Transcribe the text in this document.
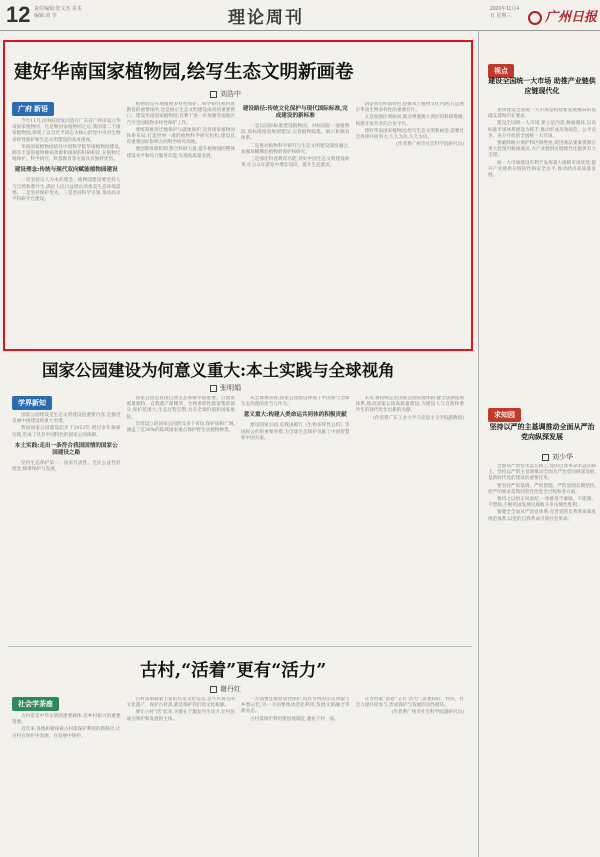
12 责任编辑:张文杰 美术编辑:周 苓	理论周刊	2020年11月4日 星期三	广州日报
建好华南国家植物园,绘写生态文明新画卷
刘浩中
广府 新语

今年11月,国务院批复同意在广东省广州市设立华南国家植物园。这是继国家植物园之后,我国第二个国家植物园,体现了以习近平同志为核心的党中央对生物多样性保护和生态文明建设的高度重视。

华南国家植物园依托中国科学院华南植物园建设,拥有丰富的植物种质资源和深厚的科研积淀,在植物迁地保护、科学研究、科普教育等方面具有独特优势。

建设理念:传统与现代双向赋能植物园建设

一是坚持以人为本的理念。植物园建设要坚持人与自然和谐共生,满足人民日益增长的优美生态环境需要。二是坚持保护优先。三是坚持科学引领,推动高水平科研平台建设。

植物园是开展植物多样性保护、科学研究和科普教育的重要场所,也是展示生态文明建设成果的重要窗口。建设华南国家植物园,有利于进一步加强华南地区乃至全国植物多样性保护工作。

要统筹推进迁地保护与就地保护,完善国家植物园体系布局,打造世界一流的植物科学研究机构,建设具有重要国际影响力的科学研究高地。

要创新体制机制,整合科研力量,提升植物园的整体建设水平和综合服务功能,实现高质量发展。

建设路径:传统文化保护与现代国际标准,完成建设的新标准

一是以国际标准建设植物园。对标国际一流植物园,高标准推进规划建设,完善植物收集、展示和保育体系。

二是推动植物科学研究与生态文明建设深度融合,加强珍稀濒危植物的保护和研究。

三是强化科普教育功能,讲好中国生态文明建设故事,让公众在游览中增长知识、提升生态意识。

四是突出岭南特色,挖掘本土植物文化内涵,打造展示华南生物多样性的重要名片。

五是加强区域协同,联动粤港澳大湾区的科研资源,构建开放共享的合作平台。

建好华南国家植物园,绘写生态文明新画卷,需要社会各界共同努力,久久为功,久久为功。

(作者系广州市社会科学院研究员)

国家公园建设为何意义重大:本土实践与全球视角
张明娟
学界新知

国家公园建设是生态文明建设的重要内容,是推进美丽中国建设的重大举措。

我国国家公园建设起步于2013年,经过多年探索实践,形成了具有中国特色的国家公园体制。

本土实践:走出一条符合我国国情的国家公园建设之路

坚持生态保护第一、国家代表性、全民公益性的理念,统筹保护与发展。

国家公园是我国自然生态系统中最重要、自然景观最独特、自然遗产最精华、生物多样性最富集的部分,保护范围大,生态过程完整,具有全球价值和国家象征。

首批设立的国家公园涉及多个省份,保护面积广阔,涵盖了近30%的陆域国家重点保护野生动植物种类。

从全球视角看,国家公园建设体现了中国参与全球生态治理的担当与作为。

意义重大:构建人类命运共同体的积极贡献

建设国家公园,是我国履行《生物多样性公约》等国际公约的重要举措,为全球生态保护贡献了中国智慧和中国方案。

未来,要持续完善国家公园管理体制,健全法律法规体系,推动国家公园高质量建设,为建设人与自然和谐共生的现代化作出新的贡献。

(作者系广东工业大学马克思主义学院副教授)

古村,“活着”更有“活力”
谢丹红
社会学茶座

古村落是中华文明的重要载体,是乡村振兴的重要资源。

近年来,各地积极探索古村落保护利用的新路径,让古村在保护中发展、在发展中保护。

古村落承载着丰富的历史文化信息,是不可再生的文化遗产。保护古村落,就是保护我们的文化根脉。

要让古村“活”起来,关键在于激发内生动力,让村民成为保护和发展的主体。

一方面要注重原真性保护,留住古村的历史风貌与乡愁记忆;另一方面要推动活化利用,发展文旅融合等新业态。

古村落保护利用要因地制宜,避免千村一面。

让古村既“活着”又有“活力”,需要政府、村民、社会力量共同参与,形成保护与发展的良性循环。

(作者系广州市社会科学院副研究员)

视点
建设全国统一大市场 助推产业链供应链现代化

加快建设全国统一大市场是构建新发展格局的基础支撑和内在要求。

建设全国统一大市场,要立足内需,畅通循环,以高标准市场体系建设为抓手,推动形成高效规范、公平竞争、充分开放的全国统一大市场。

要破除地方保护和区域壁垒,促进商品要素资源在更大范围内畅通流动,为产业链供应链现代化提供有力支撑。

统一大市场建设有利于发挥超大规模市场优势,提升产业链供应链韧性和安全水平,推动经济高质量发展。

求知园
坚持以严的主基调推动全面从严治党向纵深发展
刘少华

全面从严治党永远在路上,党的自我革命永远在路上。坚持以严的主基调推动全面从严治党向纵深发展,是新时代党的建设的重要任务。

要坚持严的基调、严的措施、严的氛围长期坚持,把严的要求贯彻到管党治党全过程和各方面。

要持之以恒正风肃纪,一体推进不敢腐、不能腐、不想腐,不断巩固发展反腐败斗争压倒性胜利。

要健全全面从严治党体系,完善党的自我革命制度规范体系,以党的自我革命引领社会革命。
